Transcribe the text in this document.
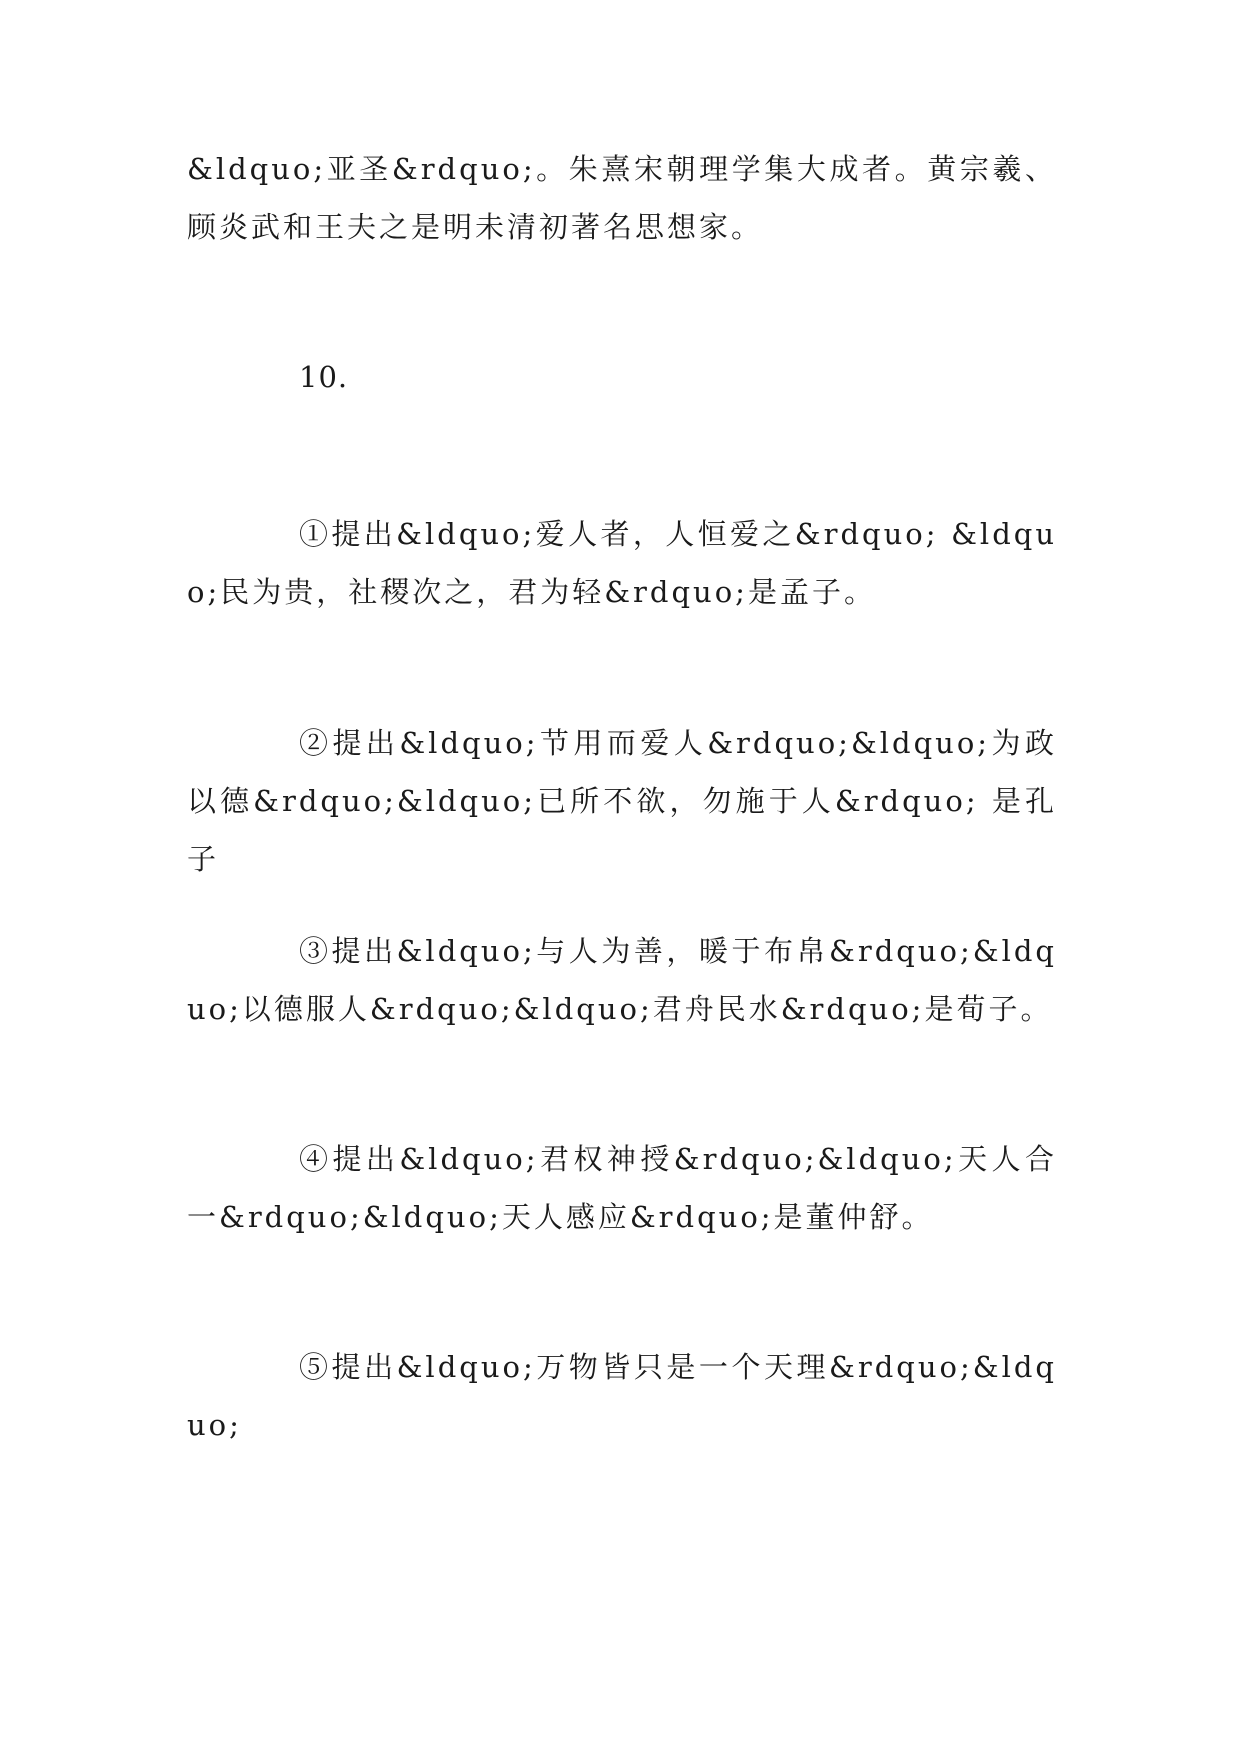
&ldquo;亚圣&rdquo;。朱熹宋朝理学集大成者。黄宗羲、顾炎武和王夫之是明未清初著名思想家。

10.

①提出&ldquo;爱人者，人恒爱之&rdquo; &ldquo;民为贵，社稷次之，君为轻&rdquo;是孟子。

②提出&ldquo;节用而爱人&rdquo;&ldquo;为政以德&rdquo;&ldquo;已所不欲，勿施于人&rdquo; 是孔子

③提出&ldquo;与人为善，暖于布帛&rdquo;&ldquo;以德服人&rdquo;&ldquo;君舟民水&rdquo;是荀子。

④提出&ldquo;君权神授&rdquo;&ldquo;天人合一&rdquo;&ldquo;天人感应&rdquo;是董仲舒。

⑤提出&ldquo;万物皆只是一个天理&rdquo;&ldquo;
